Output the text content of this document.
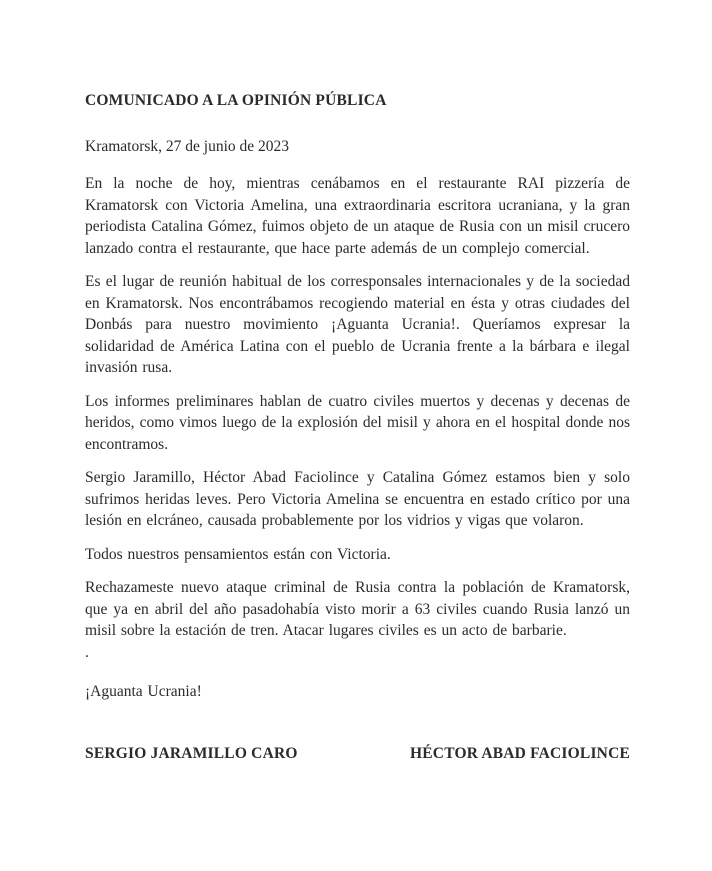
COMUNICADO A LA OPINIÓN PÚBLICA

Kramatorsk, 27 de junio de 2023

En la noche de hoy, mientras cenábamos en el restaurante RAI pizzería de Kramatorsk con Victoria Amelina, una extraordinaria escritora ucraniana, y la gran periodista Catalina Gómez, fuimos objeto de un ataque de Rusia con un misil crucero lanzado contra el restaurante, que hace parte además de un complejo comercial.

Es el lugar de reunión habitual de los corresponsales internacionales y de la sociedad en Kramatorsk. Nos encontrábamos recogiendo material en ésta y otras ciudades del Donbás para nuestro movimiento ¡Aguanta Ucrania!. Queríamos expresar la solidaridad de América Latina con el pueblo de Ucrania frente a la bárbara e ilegal invasión rusa.

Los informes preliminares hablan de cuatro civiles muertos y decenas y decenas de heridos, como vimos luego de la explosión del misil y ahora en el hospital donde nos encontramos.

Sergio Jaramillo, Héctor Abad Faciolince y Catalina Gómez estamos bien y solo sufrimos heridas leves. Pero Victoria Amelina se encuentra en estado crítico por una lesión en elcráneo, causada probablemente por los vidrios y vigas que volaron.

Todos nuestros pensamientos están con Victoria.

Rechazameste nuevo ataque criminal de Rusia contra la población de Kramatorsk, que ya en abril del año pasadohabía visto morir a 63 civiles cuando Rusia lanzó un misil sobre la estación de tren. Atacar lugares civiles es un acto de barbarie.

.

¡Aguanta Ucrania!

SERGIO JARAMILLO CARO	HÉCTOR ABAD FACIOLINCE
